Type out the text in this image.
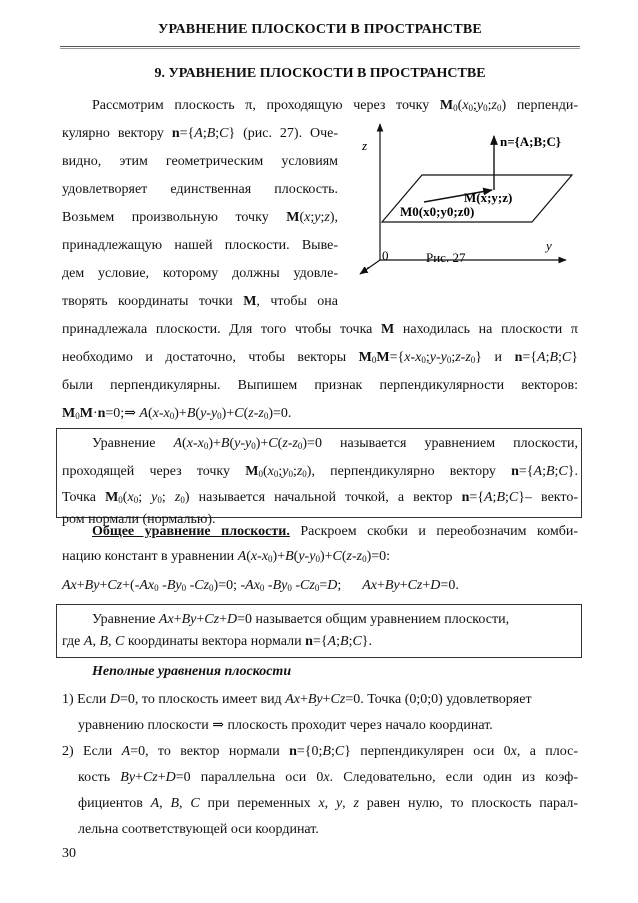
УРАВНЕНИЕ ПЛОСКОСТИ В ПРОСТРАНСТВЕ
9. УРАВНЕНИЕ ПЛОСКОСТИ В ПРОСТРАНСТВЕ
Рассмотрим плоскость π, проходящую через точку $M_0(x_0;y_0;z_0)$ перпенди-
кулярно вектору n={A;B;C} (рис. 27). Оче-
видно, этим геометрическим условиям
удовлетворяет единственная плоскость.
Возьмем произвольную точку M(x;y;z),
принадлежащую нашей плоскости. Выве-
дем условие, которому должны удовле-
творять координаты точки M, чтобы она
принадлежала плоскости. Для того чтобы точка M находилась на плоскости π
необходимо и достаточно, чтобы векторы $M_0M=\{x-x_0;y-y_0;z-z_0\}$ и n={A;B;C}
были перпендикулярны. Выпишем признак перпендикулярности векторов:
$M_0M\cdot n=0;\Rightarrow$ $A(x-x_0)+B(y-y_0)+C(z-z_0)=0$.
z
y
x
0	Рис. 27
n={A;B;C}
M(x;y;z)
M0(x0;y0;z0)
Уравнение $A(x-x_0)+B(y-y_0)+C(z-z_0)=0$ называется уравнением плоскости,
проходящей через точку $M_0(x_0;y_0;z_0)$, перпендикулярно вектору n={A;B;C}.
Точка $M_0(x_0$; $y_0$; $z_0$) называется начальной точкой, а вектор n={A;B;C}– векто-
ром нормали (нормалью).
Общее уравнение плоскости. Раскроем скобки и переобозначим комби-
нацию констант в уравнении $A(x-x_0)+B(y-y_0)+C(z-z_0)=0$:
$Ax+By+Cz+(-Ax_0$ $-By_0$ $-Cz_0)=0$; $-Ax_0$ $-By_0$ $-Cz_0=D$;      Ax+By+Cz+D=0.
Уравнение Ax+By+Cz+D=0 называется общим уравнением плоскости,
где A, B, C координаты вектора нормали n={A;B;C}.
Неполные уравнения плоскости
1) Если D=0, то плоскость имеет вид Ax+By+Cz=0. Точка (0;0;0) удовлетворяет
уравнению плоскости ⇒ плоскость проходит через начало координат.
2) Если A=0, то вектор нормали n={0;B;C} перпендикулярен оси 0x, а плос-
кость By+Cz+D=0 параллельна оси 0x. Следовательно, если один из коэф-
фициентов A, B, C при переменных x, y, z равен нулю, то плоскость парал-
лельна соответствующей оси координат.
30
